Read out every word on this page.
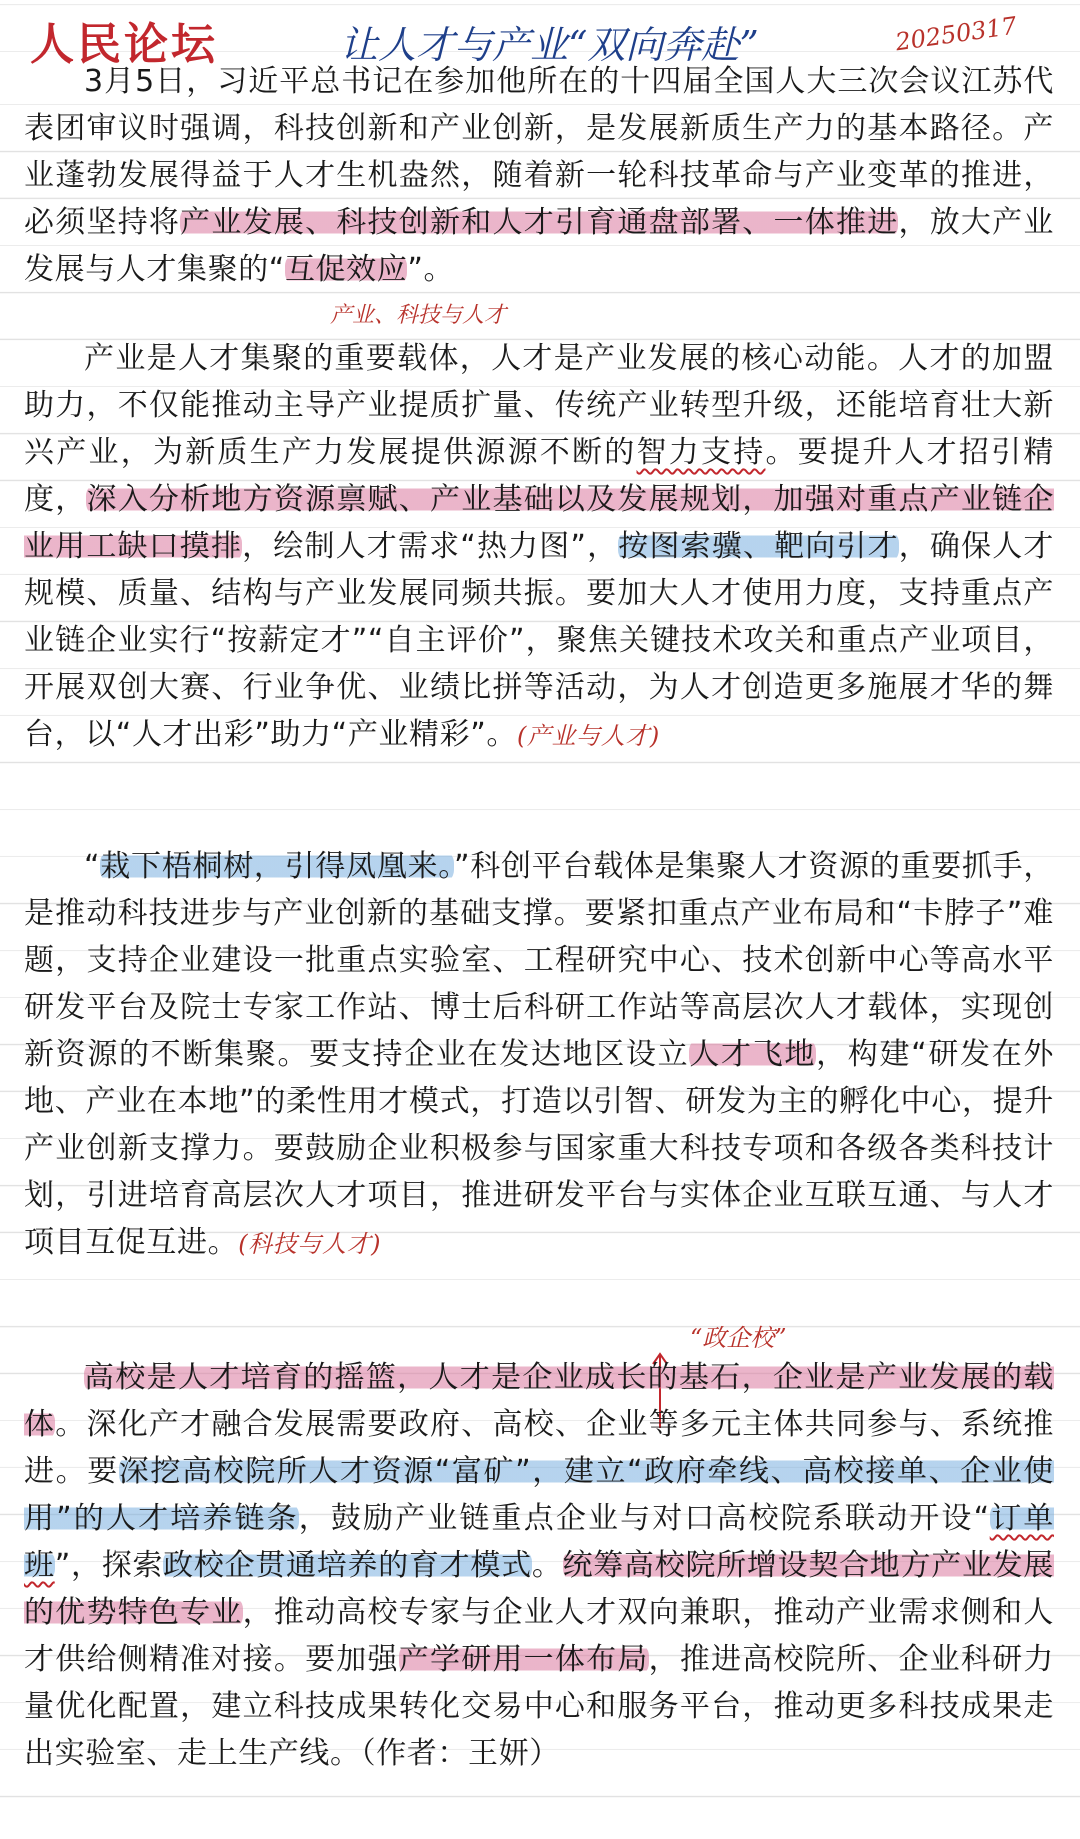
人民论坛	让人才与产业“双向奔赴”	20250317

3月5日，习近平总书记在参加他所在的十四届全国人大三次会议江苏代表团审议时强调，科技创新和产业创新，是发展新质生产力的基本路径。产业蓬勃发展得益于人才生机盎然，随着新一轮科技革命与产业变革的推进，必须坚持将产业发展、科技创新和人才引育通盘部署、一体推进，放大产业发展与人才集聚的“互促效应”。

产业、科技与人才

产业是人才集聚的重要载体，人才是产业发展的核心动能。人才的加盟助力，不仅能推动主导产业提质扩量、传统产业转型升级，还能培育壮大新兴产业，为新质生产力发展提供源源不断的智力支持。要提升人才招引精度，深入分析地方资源禀赋、产业基础以及发展规划，加强对重点产业链企业用工缺口摸排，绘制人才需求“热力图”，按图索骥、靶向引才，确保人才规模、质量、结构与产业发展同频共振。要加大人才使用力度，支持重点产业链企业实行“按薪定才”“自主评价”，聚焦关键技术攻关和重点产业项目，开展双创大赛、行业争优、业绩比拼等活动，为人才创造更多施展才华的舞台，以“人才出彩”助力“产业精彩”。(产业与人才)

“栽下梧桐树，引得凤凰来。”科创平台载体是集聚人才资源的重要抓手，是推动科技进步与产业创新的基础支撑。要紧扣重点产业布局和“卡脖子”难题，支持企业建设一批重点实验室、工程研究中心、技术创新中心等高水平研发平台及院士专家工作站、博士后科研工作站等高层次人才载体，实现创新资源的不断集聚。要支持企业在发达地区设立人才飞地，构建“研发在外地、产业在本地”的柔性用才模式，打造以引智、研发为主的孵化中心，提升产业创新支撑力。要鼓励企业积极参与国家重大科技专项和各级各类科技计划，引进培育高层次人才项目，推进研发平台与实体企业互联互通、与人才项目互促互进。(科技与人才)

“政企校”

高校是人才培育的摇篮，人才是企业成长的基石，企业是产业发展的载体。深化产才融合发展需要政府、高校、企业等多元主体共同参与、系统推进。要深挖高校院所人才资源“富矿”，建立“政府牵线、高校接单、企业使用”的人才培养链条，鼓励产业链重点企业与对口高校院系联动开设“订单班”，探索政校企贯通培养的育才模式。统筹高校院所增设契合地方产业发展的优势特色专业，推动高校专家与企业人才双向兼职，推动产业需求侧和人才供给侧精准对接。要加强产学研用一体布局，推进高校院所、企业科研力量优化配置，建立科技成果转化交易中心和服务平台，推动更多科技成果走出实验室、走上生产线。（作者：王妍）
